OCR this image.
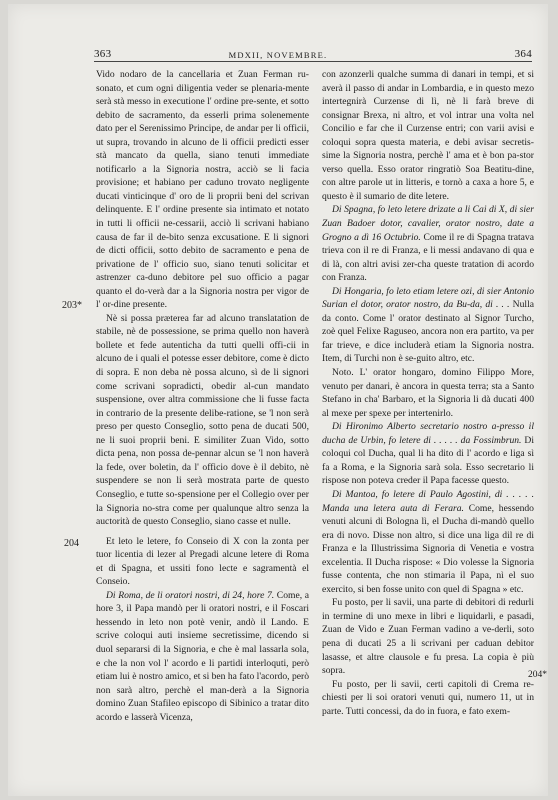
363	MDXII, NOVEMBRE.	364
203*
204
204*

Vido nodaro de la cancellaria et Zuan Ferman ru-sonato, et cum ogni diligentia veder se plenaria-mente serà stà messo in executione l' ordine pre-sente, et sotto debito de sacramento, da esserli prima solenemente dato per el Serenissimo Principe, de andar per li officii, ut supra, trovando in alcuno de li officii predicti esser stà mancato da quella, siano tenuti immediate notificarlo a la Signoria nostra, acciò se li facia provisione; et habiano per caduno trovato negligente ducati vinticinque d' oro de li proprii beni del scrivan delinquente. E l' ordine presente sia intimato et notato in tutti li officii ne-cessarii, acciò li scrivani habiano causa de far il de-bito senza excusatione. E li signori de dicti officii, sotto debito de sacramento e pena de privatione de l' officio suo, siano tenuti solicitar et astrenzer ca-duno debitore pel suo officio a pagar quanto el do-verà dar a la Signoria nostra per vigor de l' or-dine presente.

Nè si possa præterea far ad alcuno translatation de stabile, nè de possessione, se prima quello non haverà bollete et fede autenticha da tutti quelli offi-cii in alcuno de i quali el potesse esser debitore, come è dicto di sopra. E non deba nè possa alcuno, sì de li signori come scrivani sopradicti, obedir al-cun mandato suspensione, over altra commissione che li fusse facta in contrario de la presente delibe-ratione, se 'l non serà preso per questo Conseglio, sotto pena de ducati 500, ne li suoi proprii beni. E similiter Zuan Vido, sotto dicta pena, non possa de-pennar alcun se 'l non haverà la fede, over boletin, da l' officio dove è il debito, nè suspendere se non li serà mostrata parte de questo Conseglio, e tutte so-spensione per el Collegio over per la Signoria no-stra come per qualunque altro senza la auctorità de questo Conseglio, siano casse et nulle.

Et leto le letere, fo Conseio di X con la zonta per tuor licentia di lezer al Pregadi alcune letere di Roma et di Spagna, et ussiti fono lecte e sagramentà el Conseio.

Di Roma, de li oratori nostri, di 24, hore 7. Come, a hore 3, il Papa mandò per li oratori nostri, e il Foscari hessendo in leto non potè venir, andò il Lando. E scrive coloqui auti insieme secretissime, dicendo si duol separarsi di la Signoria, e che è mal lassarla sola, e che la non vol l' acordo e li partidi interloquti, però etiam lui è nostro amico, et si ben ha fato l'acordo, però non sarà altro, perchè el man-derà a la Signoria domino Zuan Stafileo episcopo di Sibinico a tratar dito acordo e lasserà Vicenza,

con azonzerli qualche summa di danari in tempi, et si averà il passo di andar in Lombardia, e in questo mezo intertegnirà Curzense di lì, nè li farà breve di consignar Brexa, ni altro, et vol intrar una volta nel Concilio e far che il Curzense entri; con varii avisi e coloqui sopra questa materia, e debi avisar secretis-sime la Signoria nostra, perchè l' ama et è bon pa-stor verso quella. Esso orator ringratiò Soa Beatitu-dine, con altre parole ut in litteris, e tornò a caxa a hore 5, e questo è il sumario de dite letere.

Di Spagna, fo leto letere drizate a li Cai di X, di sier Zuan Badoer dotor, cavalier, orator nostro, date a Grogno a dì 16 Octubrio. Come il re di Spagna tratava trieva con il re di Franza, e li messi andavano di qua e di là, con altri avisi zer-cha queste tratation di acordo con Franza.

Di Hongaria, fo leto etiam letere ozi, di sier Antonio Surian el dotor, orator nostro, da Bu-da, di . . . Nulla da conto. Come l' orator destinato al Signor Turcho, zoè quel Felixe Raguseo, ancora non era partito, va per far trieve, e dice includerà etiam la Signoria nostra. Item, di Turchi non è se-guito altro, etc.

Noto. L' orator hongaro, domino Filippo More, venuto per danari, è ancora in questa terra; sta a Santo Stefano in cha' Barbaro, et la Signoria li dà ducati 400 al mexe per spexe per intertenirlo.

Di Hironimo Alberto secretario nostro a-presso il ducha de Urbin, fo letere di . . . . . da Fossimbrun. Di coloqui col Ducha, qual li ha dito di l' acordo e liga sì fa a Roma, e la Signoria sarà sola. Esso secretario li rispose non poteva creder il Papa facesse questo.

Di Mantoa, fo letere di Paulo Agostini, di . . . . . Manda una letera auta di Ferara. Come, hessendo venuti alcuni di Bologna lì, el Ducha di-mandò quello era di novo. Disse non altro, si dice una liga dil re di Franza e la Illustrissima Signoria di Venetia e vostra excelentia. Il Ducha rispose: « Dio volesse la Signoria fusse contenta, che non stimaria il Papa, nì el suo exercito, si ben fosse unito con quel di Spagna » etc.

Fu posto, per li savii, una parte di debitori di redurli in termine di uno mexe in libri e liquidarli, e pasadi, Zuan de Vido e Zuan Ferman vadino a ve-derli, soto pena di ducati 25 a li scrivani per caduan debitor lasasse, et altre clausole e fu presa. La copia è più sopra.

Fu posto, per li savii, certi capitoli di Crema re-chiesti per li soi oratori venuti qui, numero 11, ut in parte. Tutti concessi, da do in fuora, e fato exem-
